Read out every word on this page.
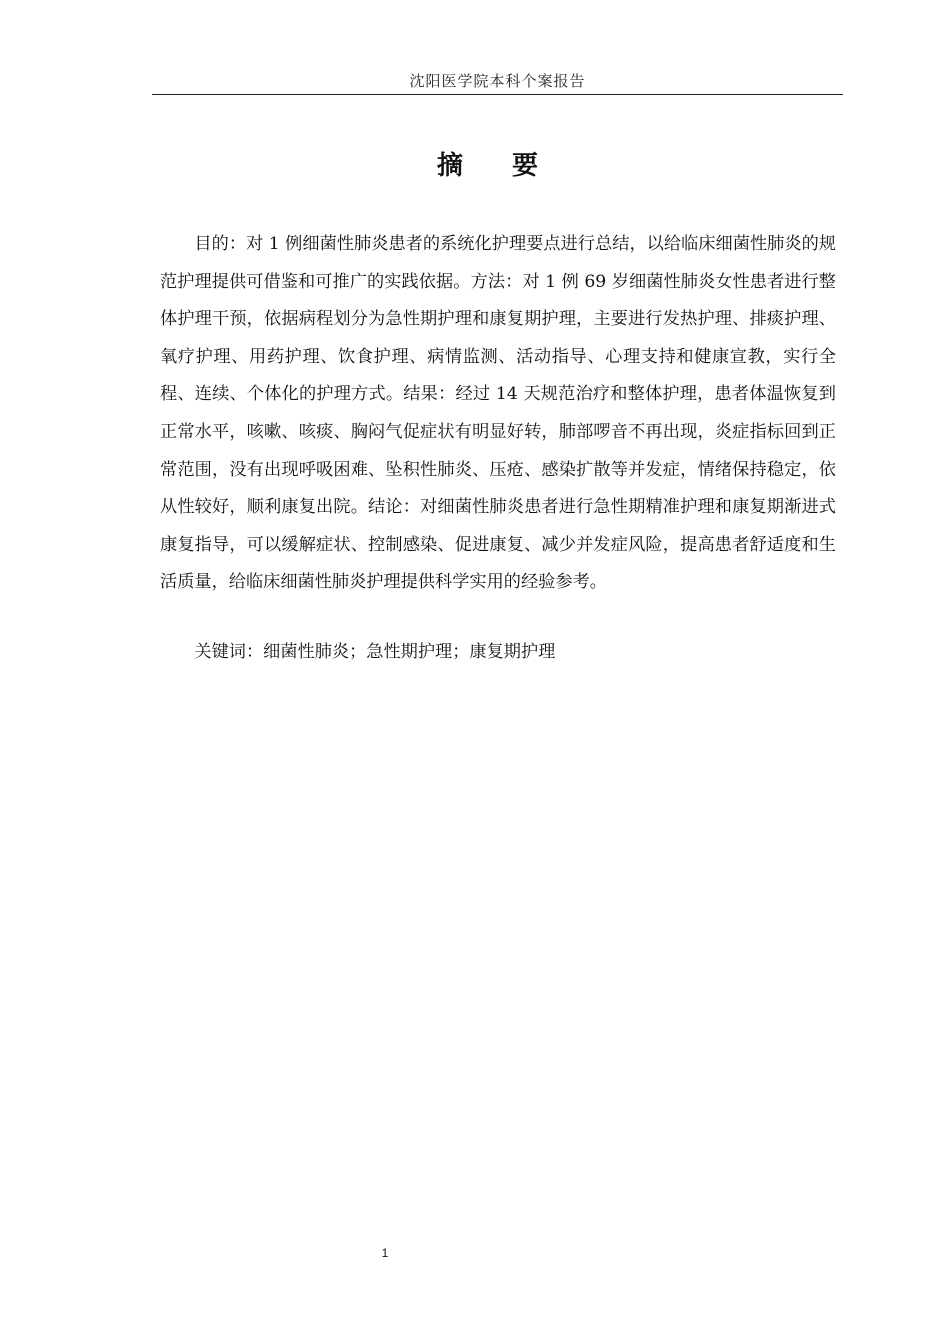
沈阳医学院本科个案报告
摘 要

目的：对 1 例细菌性肺炎患者的系统化护理要点进行总结，以给临床细菌性肺炎的规范护理提供可借鉴和可推广的实践依据。方法：对 1 例 69 岁细菌性肺炎女性患者进行整体护理干预，依据病程划分为急性期护理和康复期护理，主要进行发热护理、排痰护理、氧疗护理、用药护理、饮食护理、病情监测、活动指导、心理支持和健康宣教，实行全程、连续、个体化的护理方式。结果：经过 14 天规范治疗和整体护理，患者体温恢复到正常水平，咳嗽、咳痰、胸闷气促症状有明显好转，肺部啰音不再出现，炎症指标回到正常范围，没有出现呼吸困难、坠积性肺炎、压疮、感染扩散等并发症，情绪保持稳定，依从性较好，顺利康复出院。结论：对细菌性肺炎患者进行急性期精准护理和康复期渐进式康复指导，可以缓解症状、控制感染、促进康复、减少并发症风险，提高患者舒适度和生活质量，给临床细菌性肺炎护理提供科学实用的经验参考。

关键词：细菌性肺炎；急性期护理；康复期护理

1
